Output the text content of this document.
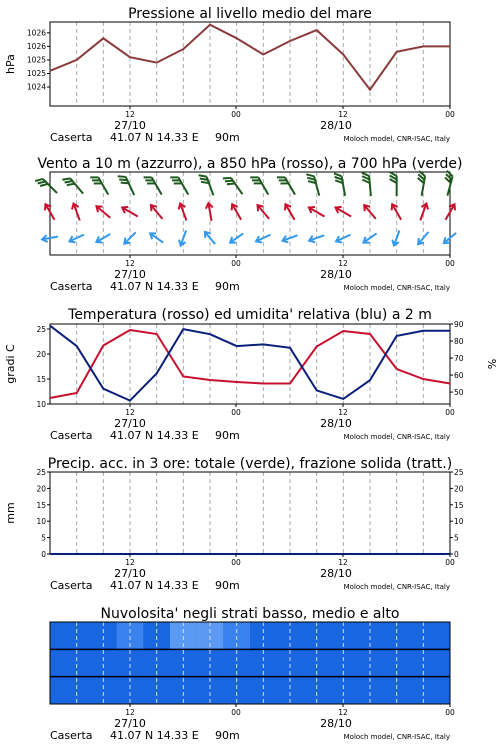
Pressione al livello medio del mare
1024
1025
1025
1026
1026
hPa
12	00	12	00
27/10	28/10
Caserta 41.07 N 14.33 E 90m	Moloch model, CNR-ISAC, Italy
Vento a 10 m (azzurro), a 850 hPa (rosso), a 700 hPa (verde)
12	00	12	00
27/10	28/10
Caserta 41.07 N 14.33 E 90m	Moloch model, CNR-ISAC, Italy
Temperatura (rosso) ed umidita' relativa (blu) a 2 m
10
15
20
25
50
60
70
80
90
gradi C	%
12	00	12	00
27/10	28/10
Caserta 41.07 N 14.33 E 90m	Moloch model, CNR-ISAC, Italy
Precip. acc. in 3 ore: totale (verde), frazione solida (tratt.)
0	0
5	5
10	10
15	15
20	20
25	25
mm
12	00	12	00
27/10	28/10
Caserta 41.07 N 14.33 E 90m	Moloch model, CNR-ISAC, Italy
Nuvolosita' negli strati basso, medio e alto
12	00	12	00
27/10	28/10
Caserta 41.07 N 14.33 E 90m	Moloch model, CNR-ISAC, Italy
